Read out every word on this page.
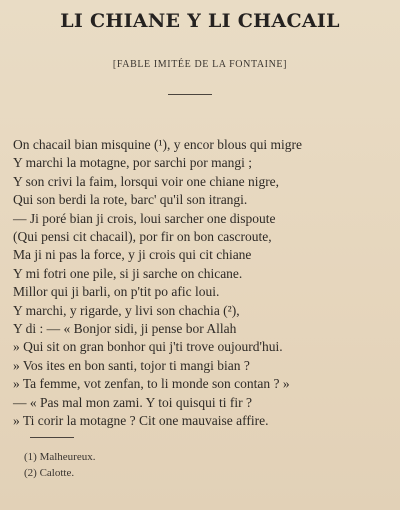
LI CHIANE Y LI CHACAIL
[FABLE IMITÉE DE LA FONTAINE]
On chacail bian misquine (¹), y encor blous qui migre
Y marchi la motagne, por sarchi por mangi ;
Y son crivi la faim, lorsqui voir one chiane nigre,
Qui son berdi la rote, barc' qu'il son itrangi.
— Ji poré bian ji crois, loui sarcher one dispoute
(Qui pensi cit chacail), por fir on bon cascroute,
Ma ji ni pas la force, y ji crois qui cit chiane
Y mi fotri one pile, si ji sarche on chicane.
Millor qui ji barli, on p'tit po afic loui.
Y marchi, y rigarde, y livi son chachia (²),
Y di : — « Bonjor sidi, ji pense bor Allah
» Qui sit on gran bonhor qui j'ti trove oujourd'hui.
» Vos ites en bon santi, tojor ti mangi bian ?
» Ta femme, vot zenfan, to li monde son contan ? »
— « Pas mal mon zami. Y toi quisqui ti fir ?
» Ti corir la motagne ? Cit one mauvaise affire.
(1) Malheureux.
(2) Calotte.
